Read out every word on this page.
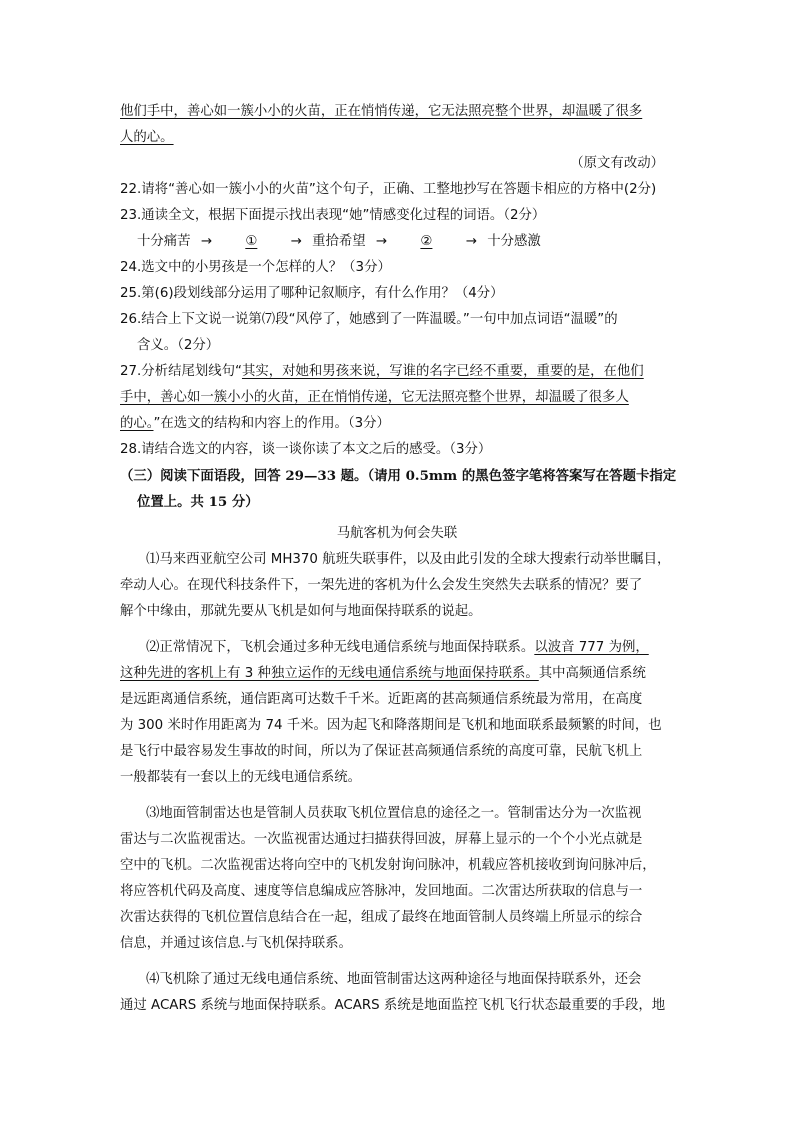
他们手中，善心如一簇小小的火苗，正在悄悄传递，它无法照亮整个世界，却温暖了很多
人的心。
（原文有改动）
22.请将“善心如一簇小小的火苗”这个句子，正确、工整地抄写在答题卡相应的方格中(2分)
23.通读全文，根据下面提示找出表现“她”情感变化过程的词语。（2分）
十分痛苦 → ① → 重拾希望 → ② → 十分感激
24.选文中的小男孩是一个怎样的人？（3分）
25.第(6)段划线部分运用了哪种记叙顺序，有什么作用？（4分）
26.结合上下文说一说第⑺段“风停了，她感到了一阵温暖。”一句中加点词语“温暖”的
含义。（2分）
27.分析结尾划线句“其实，对她和男孩来说，写谁的名字已经不重要，重要的是，在他们
手中，善心如一簇小小的火苗，正在悄悄传递，它无法照亮整个世界，却温暖了很多人
的心。”在选文的结构和内容上的作用。（3分）
28.请结合选文的内容，谈一谈你读了本文之后的感受。（3分）
（三）阅读下面语段，回答 29—33 题。（请用 0.5mm 的黑色签字笔将答案写在答题卡指定
位置上。共 15 分）
马航客机为何会失联
⑴马来西亚航空公司 MH370 航班失联事件，以及由此引发的全球大搜索行动举世瞩目，
牵动人心。在现代科技条件下，一架先进的客机为什么会发生突然失去联系的情况？要了
解个中缘由，那就先要从飞机是如何与地面保持联系的说起。
⑵正常情况下，飞机会通过多种无线电通信系统与地面保持联系。以波音 777 为例，
这种先进的客机上有 3 种独立运作的无线电通信系统与地面保持联系。其中高频通信系统
是远距离通信系统，通信距离可达数千千米。近距离的甚高频通信系统最为常用，在高度
为 300 米时作用距离为 74 千米。因为起飞和降落期间是飞机和地面联系最频繁的时间，也
是飞行中最容易发生事故的时间，所以为了保证甚高频通信系统的高度可靠，民航飞机上
一般都装有一套以上的无线电通信系统。
⑶地面管制雷达也是管制人员获取飞机位置信息的途径之一。管制雷达分为一次监视
雷达与二次监视雷达。一次监视雷达通过扫描获得回波，屏幕上显示的一个个小光点就是
空中的飞机。二次监视雷达将向空中的飞机发射询问脉冲，机载应答机接收到询问脉冲后，
将应答机代码及高度、速度等信息编成应答脉冲，发回地面。二次雷达所获取的信息与一
次雷达获得的飞机位置信息结合在一起，组成了最终在地面管制人员终端上所显示的综合
信息，并通过该信息.与飞机保持联系。
⑷飞机除了通过无线电通信系统、地面管制雷达这两种途径与地面保持联系外，还会
通过 ACARS 系统与地面保持联系。ACARS 系统是地面监控飞机飞行状态最重要的手段，地
